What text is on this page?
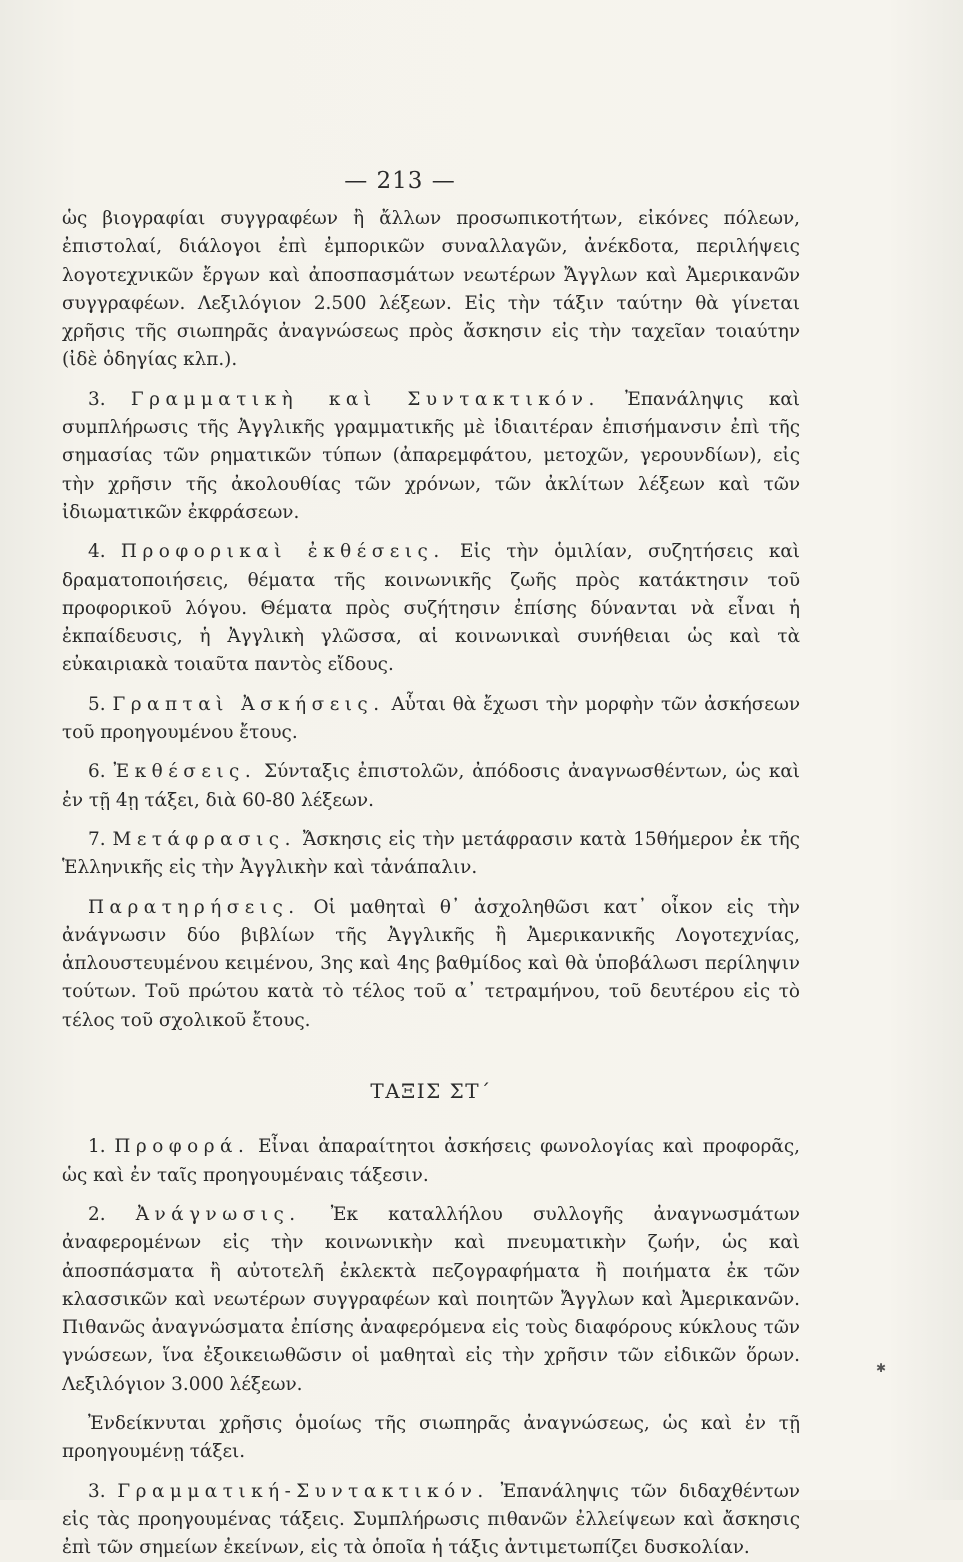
— 213 —

ὡς βιογραφίαι συγγραφέων ἢ ἄλλων προσωπικοτήτων, εἰκόνες πόλεων, ἐπιστολαί, διάλογοι ἐπὶ ἐμπορικῶν συναλλαγῶν, ἀνέκδοτα, περιλήψεις λογοτεχνικῶν ἔργων καὶ ἀποσπασμάτων νεωτέρων Ἄγγλων καὶ Ἀμερικανῶν συγγραφέων. Λεξιλόγιον 2.500 λέξεων. Εἰς τὴν τάξιν ταύτην θὰ γίνεται χρῆσις τῆς σιωπηρᾶς ἀναγνώσεως πρὸς ἄσκησιν εἰς τὴν ταχεῖαν τοιαύτην (ἰδὲ ὁδηγίας κλπ.).

3. Γραμματικὴ καὶ Συντακτικόν. Ἐπανάληψις καὶ συμπλήρωσις τῆς Ἀγγλικῆς γραμματικῆς μὲ ἰδιαιτέραν ἐπισήμανσιν ἐπὶ τῆς σημασίας τῶν ρηματικῶν τύπων (ἀπαρεμφάτου, μετοχῶν, γερουνδίων), εἰς τὴν χρῆσιν τῆς ἀκολουθίας τῶν χρόνων, τῶν ἀκλίτων λέξεων καὶ τῶν ἰδιωματικῶν ἐκφράσεων.

4. Προφορικαὶ ἐκθέσεις. Εἰς τὴν ὁμιλίαν, συζητήσεις καὶ δραματοποιήσεις, θέματα τῆς κοινωνικῆς ζωῆς πρὸς κατάκτησιν τοῦ προφορικοῦ λόγου. Θέματα πρὸς συζήτησιν ἐπίσης δύνανται νὰ εἶναι ἡ ἐκπαίδευσις, ἡ Ἀγγλικὴ γλῶσσα, αἱ κοινωνικαὶ συνήθειαι ὡς καὶ τὰ εὐκαιριακὰ τοιαῦτα παντὸς εἴδους.

5. Γραπταὶ Ἀσκήσεις. Αὗται θὰ ἔχωσι τὴν μορφὴν τῶν ἀσκήσεων τοῦ προηγουμένου ἔτους.

6. Ἐκθέσεις. Σύνταξις ἐπιστολῶν, ἀπόδοσις ἀναγνωσθέντων, ὡς καὶ ἐν τῇ 4ῃ τάξει, διὰ 60-80 λέξεων.

7. Μετάφρασις. Ἄσκησις εἰς τὴν μετάφρασιν κατὰ 15θήμερον ἐκ τῆς Ἑλληνικῆς εἰς τὴν Ἀγγλικὴν καὶ τἀνάπαλιν.

Παρατηρήσεις. Οἱ μαθηταὶ θ᾿ ἀσχοληθῶσι κατ᾿ οἶκον εἰς τὴν ἀνάγνωσιν δύο βιβλίων τῆς Ἀγγλικῆς ἢ Ἀμερικανικῆς Λογοτεχνίας, ἁπλουστευμένου κειμένου, 3ης καὶ 4ης βαθμίδος καὶ θὰ ὑποβάλωσι περίληψιν τούτων. Τοῦ πρώτου κατὰ τὸ τέλος τοῦ α᾿ τετραμήνου, τοῦ δευτέρου εἰς τὸ τέλος τοῦ σχολικοῦ ἔτους.

ΤΑΞΙΣ ΣΤ΄

1. Προφορά. Εἶναι ἀπαραίτητοι ἀσκήσεις φωνολογίας καὶ προφορᾶς, ὡς καὶ ἐν ταῖς προηγουμέναις τάξεσιν.

2. Ἀνάγνωσις. Ἐκ καταλλήλου συλλογῆς ἀναγνωσμάτων ἀναφερομένων εἰς τὴν κοινωνικὴν καὶ πνευματικὴν ζωήν, ὡς καὶ ἀποσπάσματα ἢ αὐτοτελῆ ἐκλεκτὰ πεζογραφήματα ἢ ποιήματα ἐκ τῶν κλασσικῶν καὶ νεωτέρων συγγραφέων καὶ ποιητῶν Ἄγγλων καὶ Ἀμερικανῶν. Πιθανῶς ἀναγνώσματα ἐπίσης ἀναφερόμενα εἰς τοὺς διαφόρους κύκλους τῶν γνώσεων, ἵνα ἐξοικειωθῶσιν οἱ μαθηταὶ εἰς τὴν χρῆσιν τῶν εἰδικῶν ὅρων. Λεξιλόγιον 3.000 λέξεων.

Ἐνδείκνυται χρῆσις ὁμοίως τῆς σιωπηρᾶς ἀναγνώσεως, ὡς καὶ ἐν τῇ προηγουμένῃ τάξει.

3. Γραμματική-Συντακτικόν. Ἐπανάληψις τῶν διδαχθέντων εἰς τὰς προηγουμένας τάξεις. Συμπλήρωσις πιθανῶν ἐλλείψεων καὶ ἄσκησις ἐπὶ τῶν σημείων ἐκείνων, εἰς τὰ ὁποῖα ἡ τάξις ἀντιμετωπίζει δυσκολίαν.

✱
